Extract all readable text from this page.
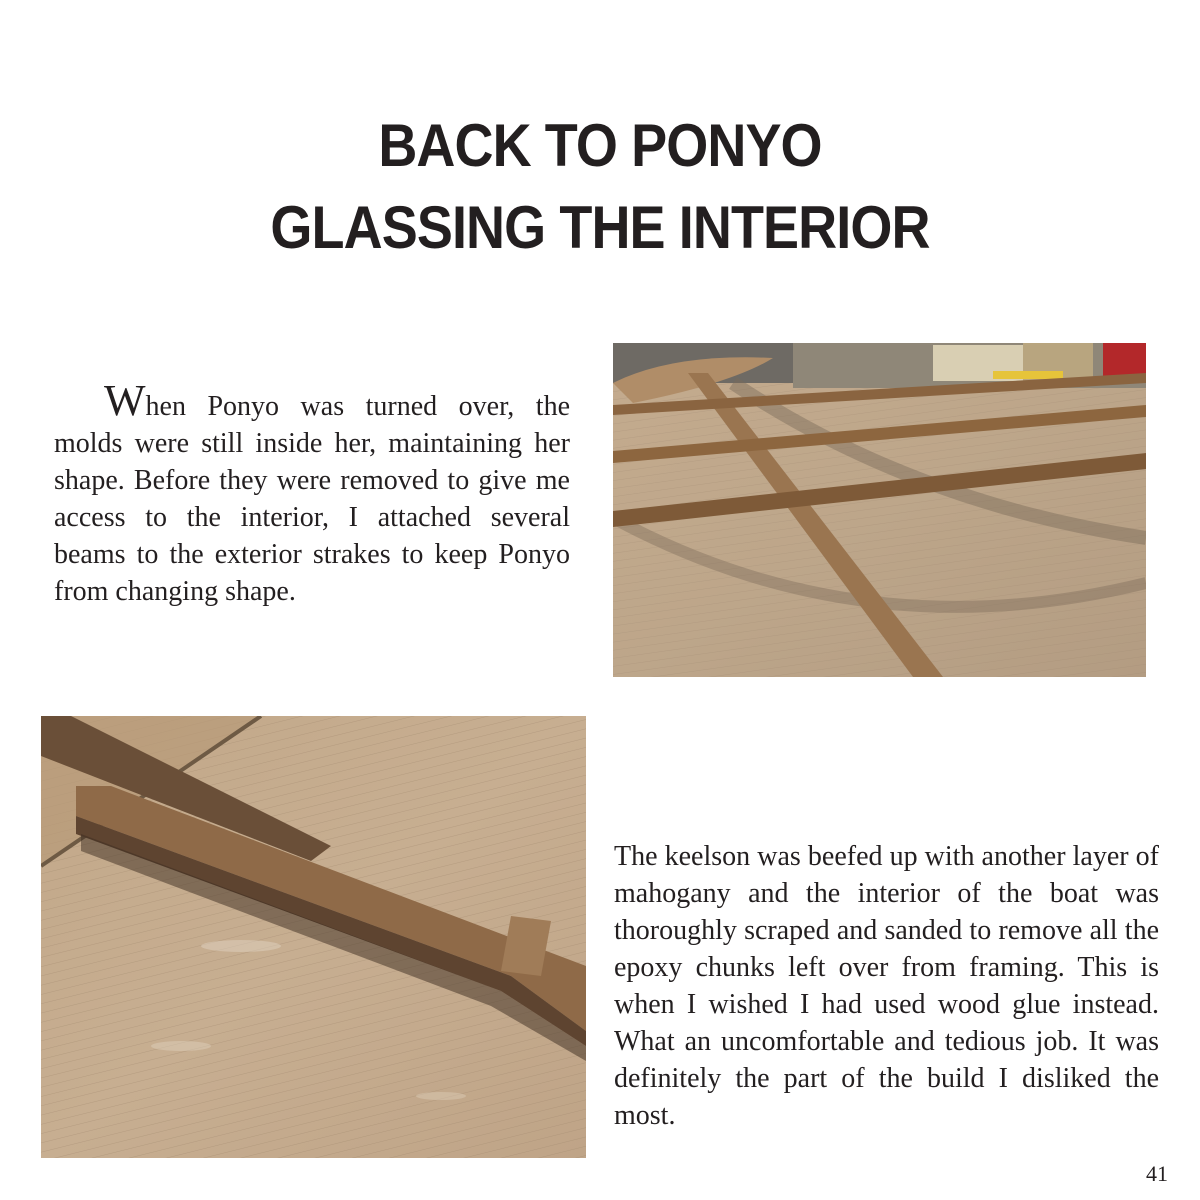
BACK TO PONYO
GLASSING THE INTERIOR

When Ponyo was turned over, the molds were still inside her, maintaining her shape. Before they were removed to give me access to the interior, I attached several beams to the exterior strakes to keep Ponyo from changing shape.

The keelson was beefed up with another layer of mahogany and the interior of the boat was thoroughly scraped and sanded to remove all the epoxy chunks left over from framing. This is when I wished I had used wood glue instead. What an uncomfortable and tedious job. It was definitely the part of the build I disliked the most.

41
